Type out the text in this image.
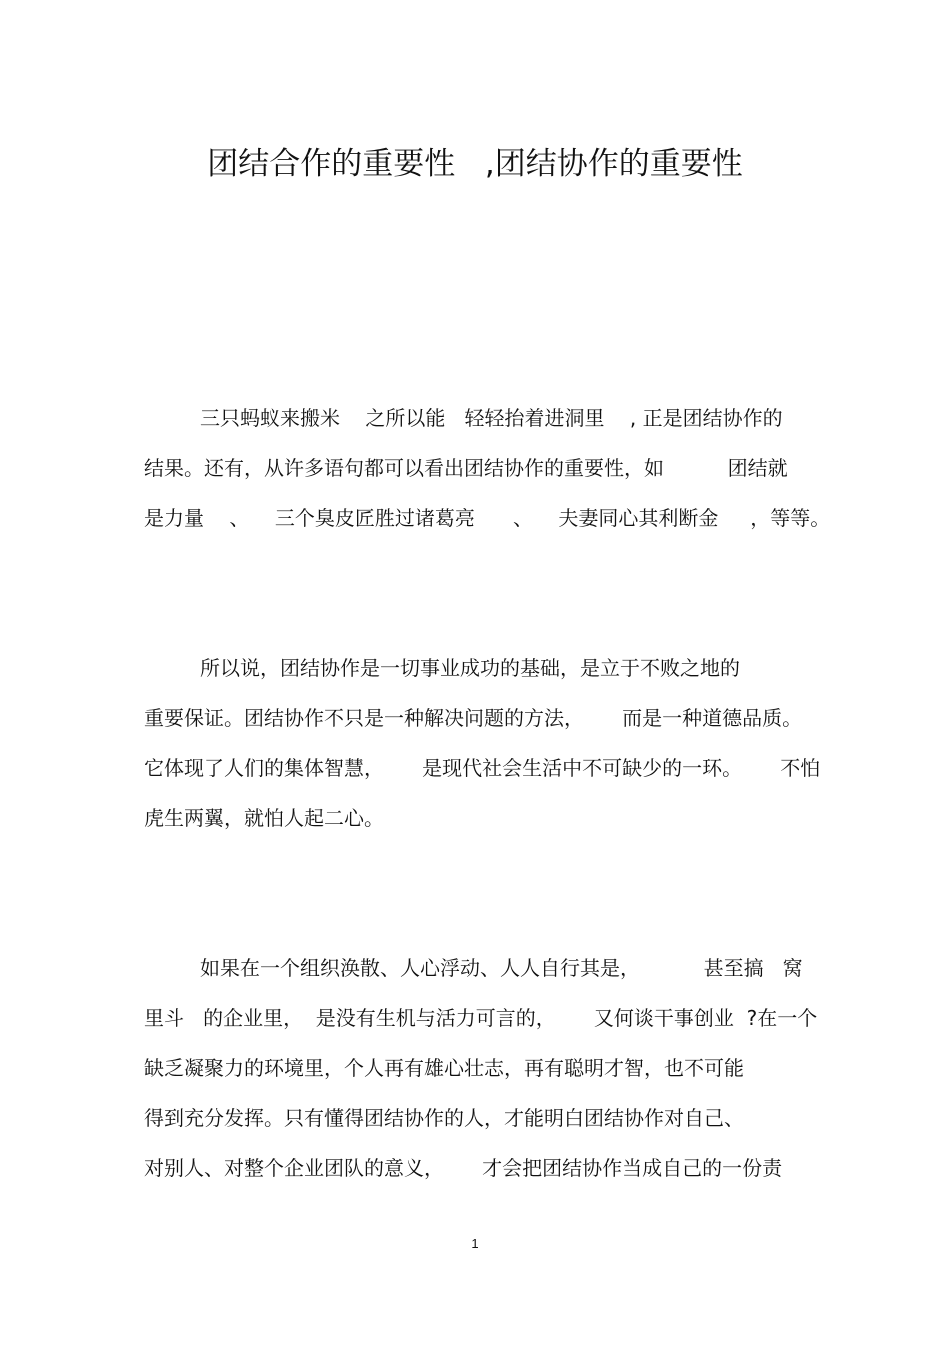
团结合作的重要性   ,团结协作的重要性

三只蚂蚁来搬米    之所以能   轻轻抬着进洞里    , 正是团结协作的

结果。还有，从许多语句都可以看出团结协作的重要性，如          团结就

是力量    、    三个臭皮匠胜过诸葛亮      、    夫妻同心其利断金     ，等等。

所以说，团结协作是一切事业成功的基础，是立于不败之地的

重要保证。团结协作不只是一种解决问题的方法，      而是一种道德品质。

它体现了人们的集体智慧，      是现代社会生活中不可缺少的一环。      不怕

虎生两翼，就怕人起二心。

如果在一个组织涣散、人心浮动、人人自行其是，          甚至搞   窝

里斗   的企业里，  是没有生机与活力可言的，      又何谈干事创业  ?在一个

缺乏凝聚力的环境里，个人再有雄心壮志，再有聪明才智，也不可能

得到充分发挥。只有懂得团结协作的人，才能明白团结协作对自己、

对别人、对整个企业团队的意义，      才会把团结协作当成自己的一份责

1
